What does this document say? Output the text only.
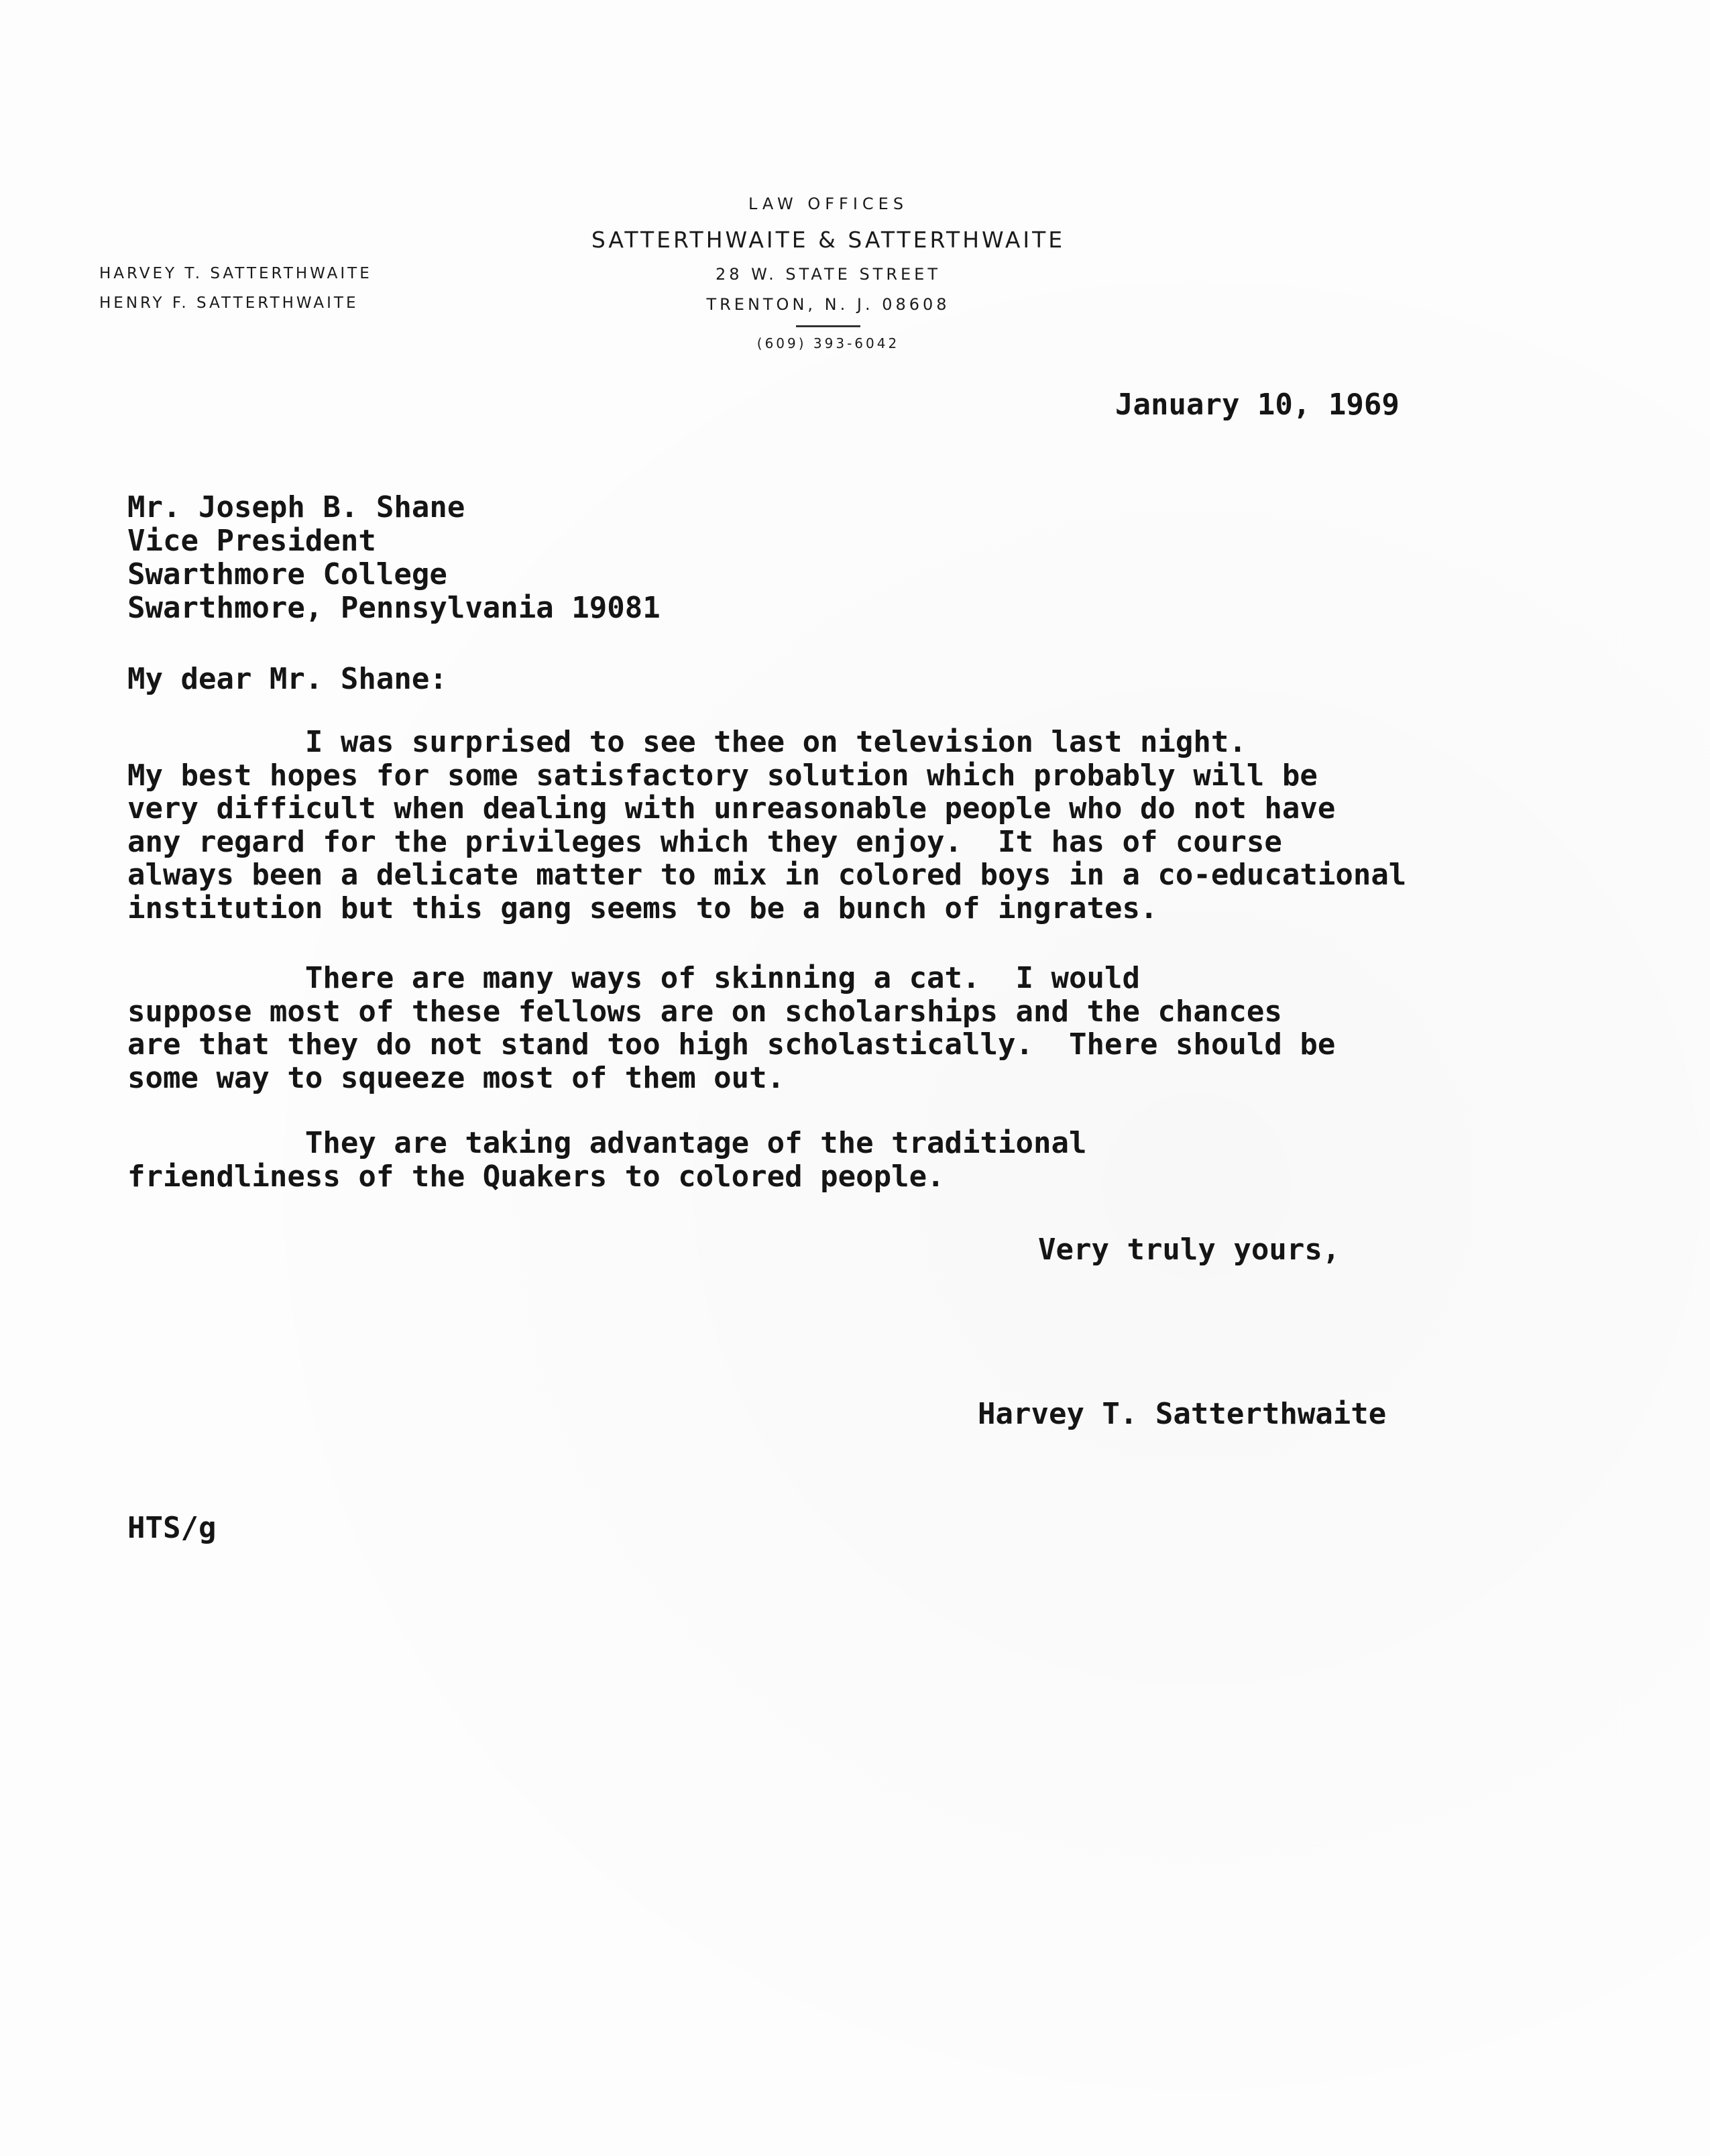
HARVEY T. SATTERTHWAITE
HENRY F. SATTERTHWAITE
LAW OFFICES
SATTERTHWAITE & SATTERTHWAITE
28 W. STATE STREET
TRENTON, N. J. 08608
(609) 393-6042
January 10, 1969
Mr. Joseph B. Shane
Vice President
Swarthmore College
Swarthmore, Pennsylvania 19081
My dear Mr. Shane:
I was surprised to see thee on television last night.
My best hopes for some satisfactory solution which probably will be
very difficult when dealing with unreasonable people who do not have
any regard for the privileges which they enjoy.  It has of course
always been a delicate matter to mix in colored boys in a co-educational
institution but this gang seems to be a bunch of ingrates.
There are many ways of skinning a cat.  I would
suppose most of these fellows are on scholarships and the chances
are that they do not stand too high scholastically.  There should be
some way to squeeze most of them out.
They are taking advantage of the traditional
friendliness of the Quakers to colored people.
Very truly yours,
Harvey T. Satterthwaite
HTS/g
